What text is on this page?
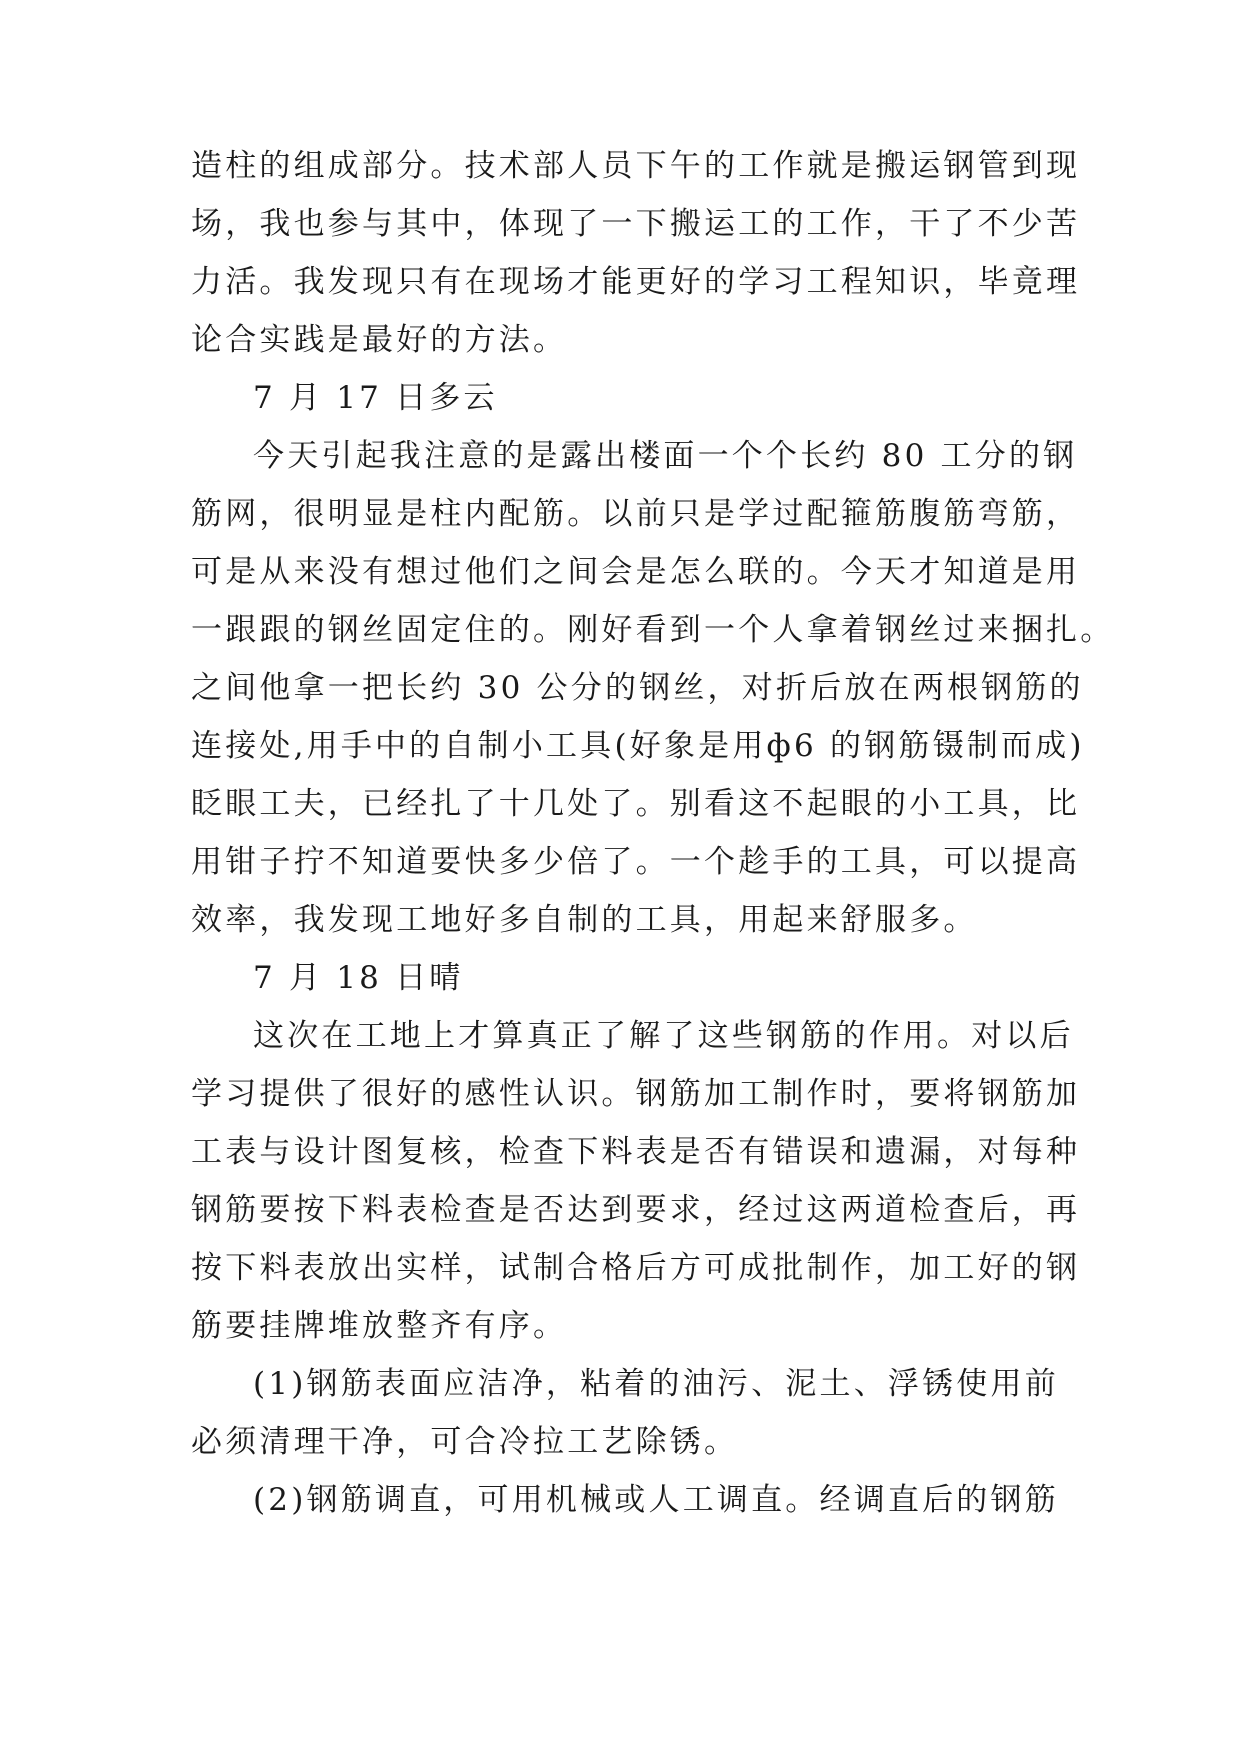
造柱的组成部分。技术部人员下午的工作就是搬运钢管到现
场，我也参与其中，体现了一下搬运工的工作，干了不少苦
力活。我发现只有在现场才能更好的学习工程知识，毕竟理
论合实践是最好的方法。
7 月 17 日多云
今天引起我注意的是露出楼面一个个长约 80 工分的钢
筋网，很明显是柱内配筋。以前只是学过配箍筋腹筋弯筋，
可是从来没有想过他们之间会是怎么联的。今天才知道是用
一跟跟的钢丝固定住的。刚好看到一个人拿着钢丝过来捆扎。
之间他拿一把长约 30 公分的钢丝，对折后放在两根钢筋的
连接处,用手中的自制小工具(好象是用ф6 的钢筋镊制而成)
眨眼工夫，已经扎了十几处了。别看这不起眼的小工具，比
用钳子拧不知道要快多少倍了。一个趁手的工具，可以提高
效率，我发现工地好多自制的工具，用起来舒服多。
7 月 18 日晴
这次在工地上才算真正了解了这些钢筋的作用。对以后
学习提供了很好的感性认识。钢筋加工制作时，要将钢筋加
工表与设计图复核，检查下料表是否有错误和遗漏，对每种
钢筋要按下料表检查是否达到要求，经过这两道检查后，再
按下料表放出实样，试制合格后方可成批制作，加工好的钢
筋要挂牌堆放整齐有序。
(1)钢筋表面应洁净，粘着的油污、泥土、浮锈使用前
必须清理干净，可合冷拉工艺除锈。
(2)钢筋调直，可用机械或人工调直。经调直后的钢筋
